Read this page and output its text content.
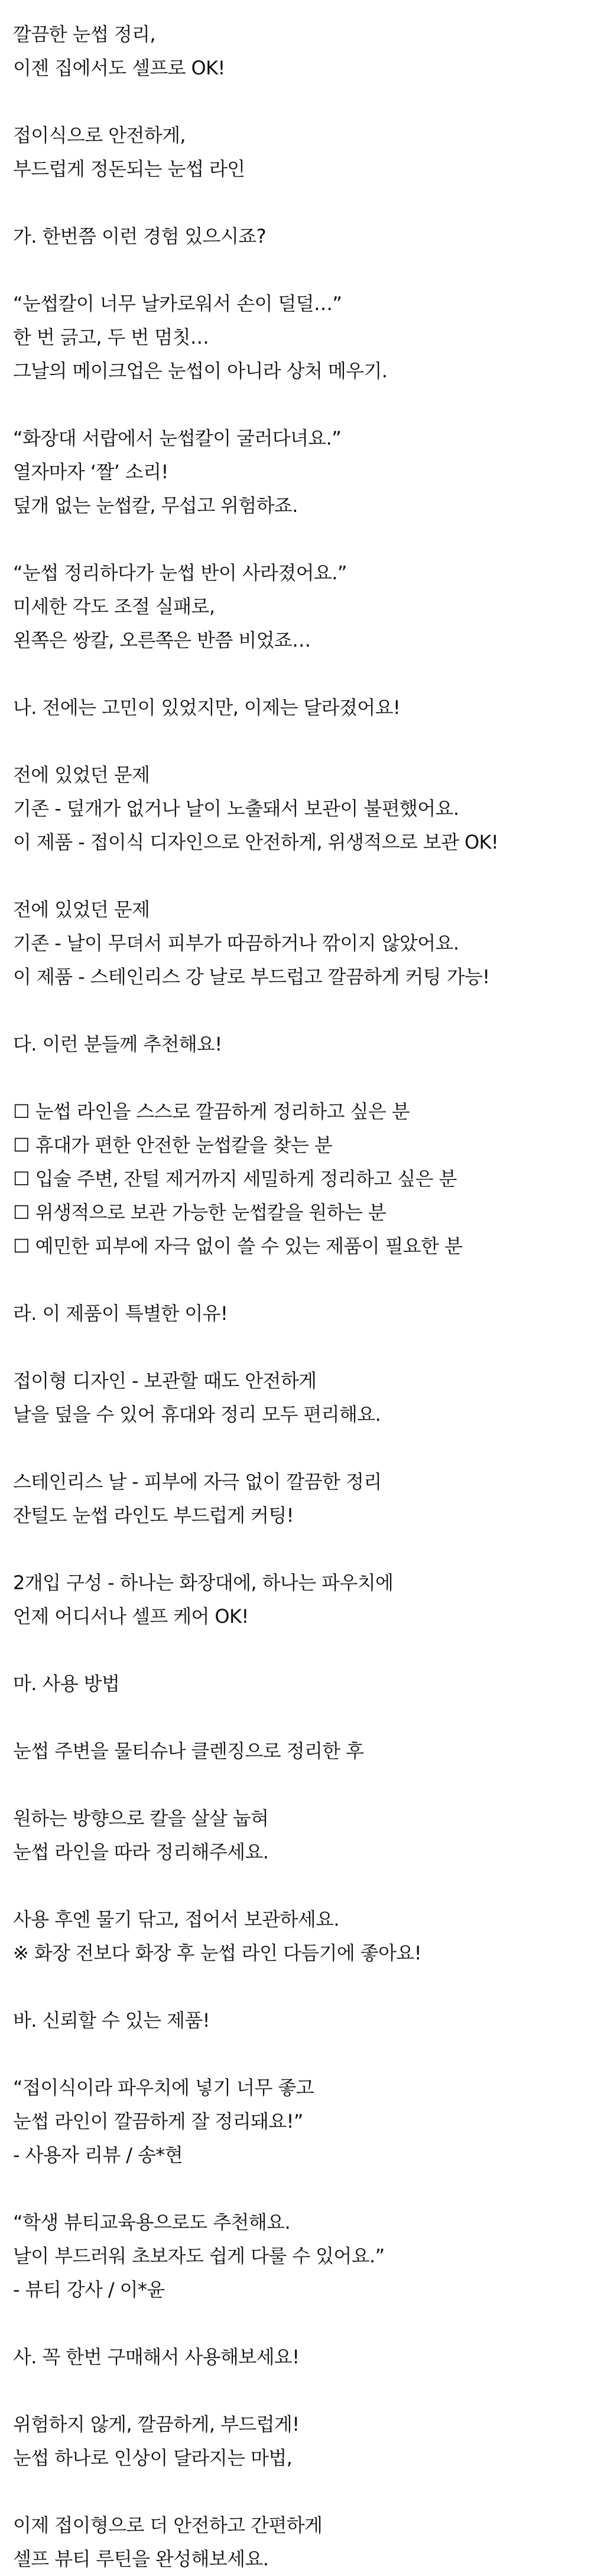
깔끔한 눈썹 정리,
이젠 집에서도 셀프로 OK!
접이식으로 안전하게,
부드럽게 정돈되는 눈썹 라인
가. 한번쯤 이런 경험 있으시죠?
“눈썹칼이 너무 날카로워서 손이 덜덜…”
한 번 긁고, 두 번 멈칫…
그날의 메이크업은 눈썹이 아니라 상처 메우기.
“화장대 서랍에서 눈썹칼이 굴러다녀요.”
열자마자 ‘짤’ 소리!
덮개 없는 눈썹칼, 무섭고 위험하죠.
“눈썹 정리하다가 눈썹 반이 사라졌어요.”
미세한 각도 조절 실패로,
왼쪽은 쌍칼, 오른쪽은 반쯤 비었죠…
나. 전에는 고민이 있었지만, 이제는 달라졌어요!
전에 있었던 문제
기존 - 덮개가 없거나 날이 노출돼서 보관이 불편했어요.
이 제품 - 접이식 디자인으로 안전하게, 위생적으로 보관 OK!
전에 있었던 문제
기존 - 날이 무뎌서 피부가 따끔하거나 깎이지 않았어요.
이 제품 - 스테인리스 강 날로 부드럽고 깔끔하게 커팅 가능!
다. 이런 분들께 추천해요!
☐ 눈썹 라인을 스스로 깔끔하게 정리하고 싶은 분
☐ 휴대가 편한 안전한 눈썹칼을 찾는 분
☐ 입술 주변, 잔털 제거까지 세밀하게 정리하고 싶은 분
☐ 위생적으로 보관 가능한 눈썹칼을 원하는 분
☐ 예민한 피부에 자극 없이 쓸 수 있는 제품이 필요한 분
라. 이 제품이 특별한 이유!
접이형 디자인 - 보관할 때도 안전하게
날을 덮을 수 있어 휴대와 정리 모두 편리해요.
스테인리스 날 - 피부에 자극 없이 깔끔한 정리
잔털도 눈썹 라인도 부드럽게 커팅!
2개입 구성 - 하나는 화장대에, 하나는 파우치에
언제 어디서나 셀프 케어 OK!
마. 사용 방법
눈썹 주변을 물티슈나 클렌징으로 정리한 후
원하는 방향으로 칼을 살살 눕혀
눈썹 라인을 따라 정리해주세요.
사용 후엔 물기 닦고, 접어서 보관하세요.
※ 화장 전보다 화장 후 눈썹 라인 다듬기에 좋아요!
바. 신뢰할 수 있는 제품!
“접이식이라 파우치에 넣기 너무 좋고
눈썹 라인이 깔끔하게 잘 정리돼요!”
- 사용자 리뷰 / 송*현
“학생 뷰티교육용으로도 추천해요.
날이 부드러워 초보자도 쉽게 다룰 수 있어요.”
- 뷰티 강사 / 이*윤
사. 꼭 한번 구매해서 사용해보세요!
위험하지 않게, 깔끔하게, 부드럽게!
눈썹 하나로 인상이 달라지는 마법,
이제 접이형으로 더 안전하고 간편하게
셀프 뷰티 루틴을 완성해보세요.
